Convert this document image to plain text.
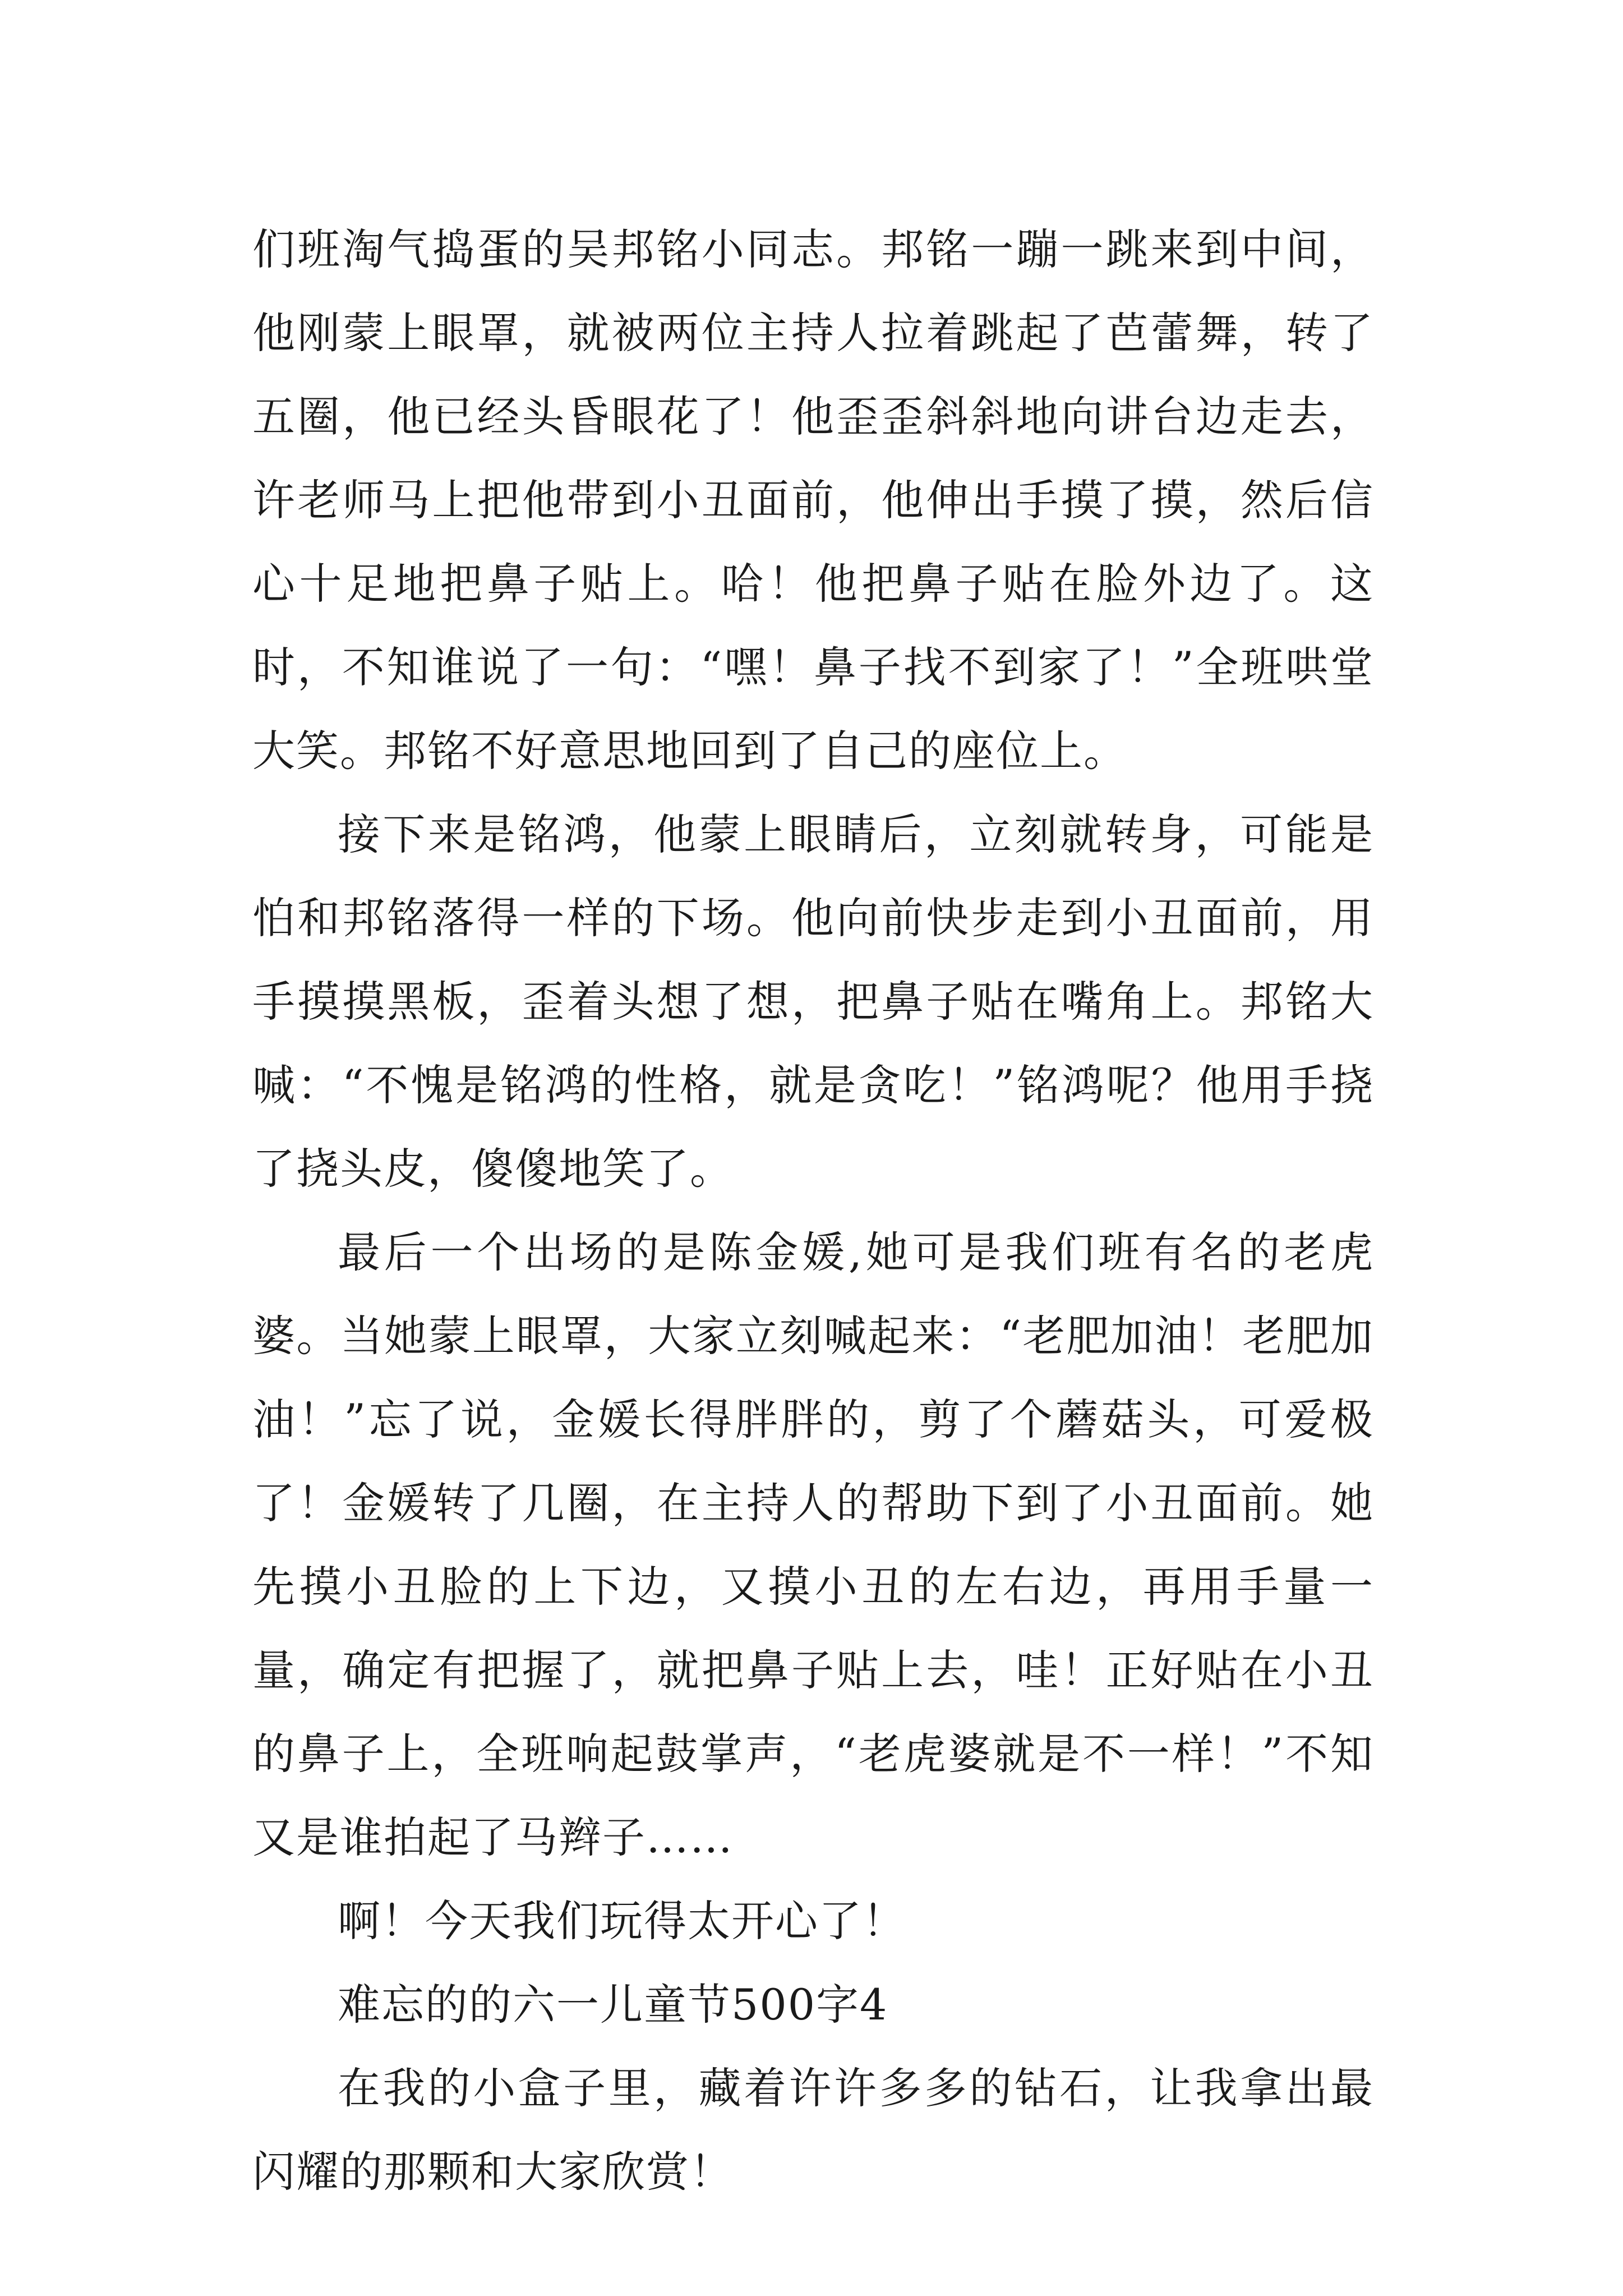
们班淘气捣蛋的吴邦铭小同志。邦铭一蹦一跳来到中间，他刚蒙上眼罩，就被两位主持人拉着跳起了芭蕾舞，转了五圈，他已经头昏眼花了！他歪歪斜斜地向讲台边走去，许老师马上把他带到小丑面前，他伸出手摸了摸，然后信心十足地把鼻子贴上。哈！他把鼻子贴在脸外边了。这时，不知谁说了一句：“嘿！鼻子找不到家了！”全班哄堂大笑。邦铭不好意思地回到了自己的座位上。

接下来是铭鸿，他蒙上眼睛后，立刻就转身，可能是怕和邦铭落得一样的下场。他向前快步走到小丑面前，用手摸摸黑板，歪着头想了想，把鼻子贴在嘴角上。邦铭大喊：“不愧是铭鸿的性格，就是贪吃！”铭鸿呢？他用手挠了挠头皮，傻傻地笑了。

最后一个出场的是陈金媛,她可是我们班有名的老虎婆。当她蒙上眼罩，大家立刻喊起来：“老肥加油！老肥加油！”忘了说，金媛长得胖胖的，剪了个蘑菇头，可爱极了！金媛转了几圈，在主持人的帮助下到了小丑面前。她先摸小丑脸的上下边，又摸小丑的左右边，再用手量一量，确定有把握了，就把鼻子贴上去，哇！正好贴在小丑的鼻子上，全班响起鼓掌声，“老虎婆就是不一样！”不知又是谁拍起了马辫子……

啊！今天我们玩得太开心了！

难忘的的六一儿童节500字4

在我的小盒子里，藏着许许多多的钻石，让我拿出最闪耀的那颗和大家欣赏！
